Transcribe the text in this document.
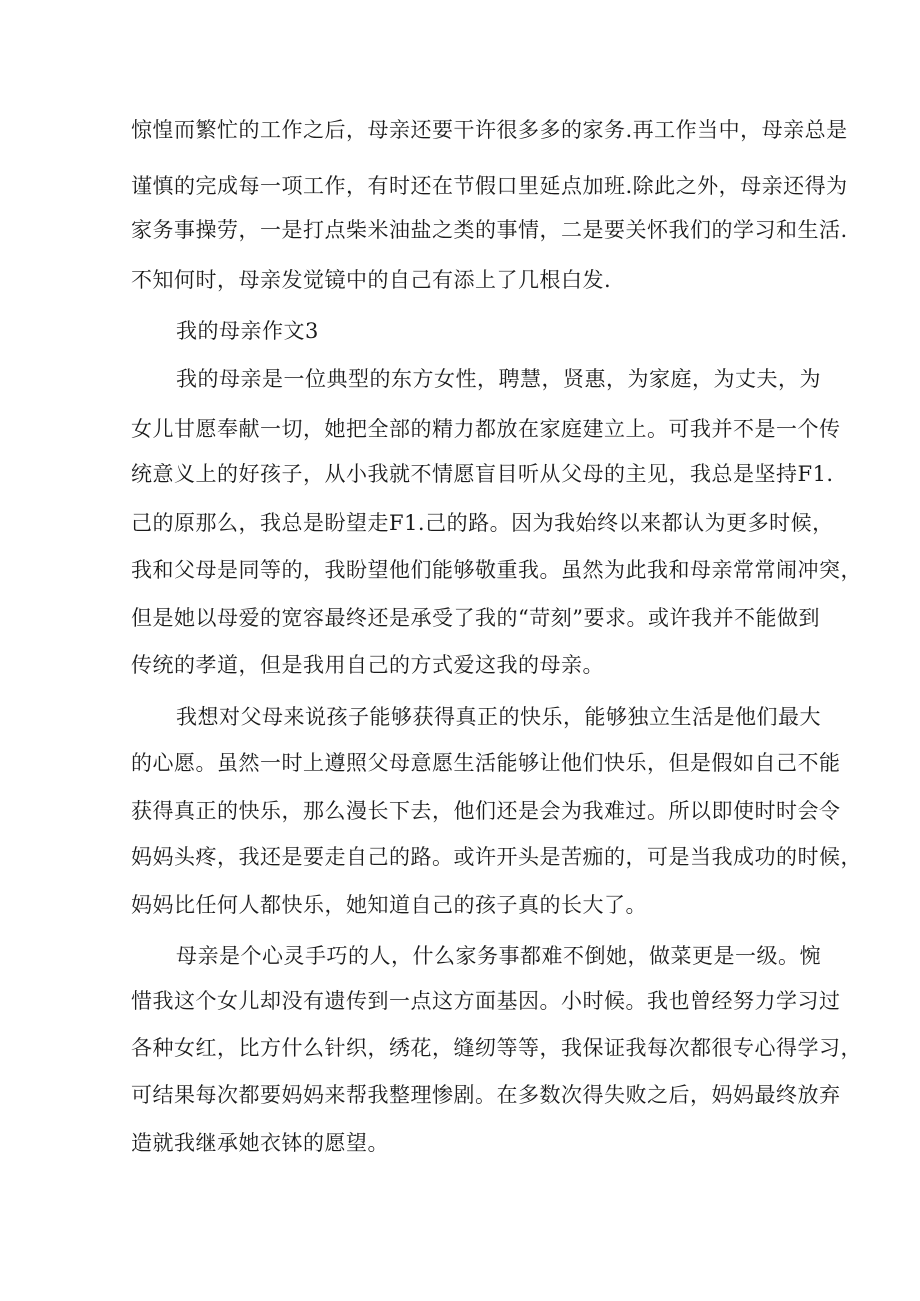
惊惶而繁忙的工作之后，母亲还要干许很多多的家务.再工作当中，母亲总是
谨慎的完成每一项工作，有时还在节假口里延点加班.除此之外，母亲还得为
家务事操劳，一是打点柴米油盐之类的事情，二是要关怀我们的学习和生活.
不知何时，母亲发觉镜中的自己有添上了几根白发.
我的母亲作文3
我的母亲是一位典型的东方女性，聘慧，贤惠，为家庭，为丈夫，为
女儿甘愿奉献一切，她把全部的精力都放在家庭建立上。可我并不是一个传
统意义上的好孩子，从小我就不情愿盲目听从父母的主见，我总是坚持F1.
己的原那么，我总是盼望走F1.己的路。因为我始终以来都认为更多时候，
我和父母是同等的，我盼望他们能够敬重我。虽然为此我和母亲常常闹冲突，
但是她以母爱的宽容最终还是承受了我的“苛刻”要求。或许我并不能做到
传统的孝道，但是我用自己的方式爱这我的母亲。
我想对父母来说孩子能够获得真正的快乐，能够独立生活是他们最大
的心愿。虽然一时上遵照父母意愿生活能够让他们快乐，但是假如自己不能
获得真正的快乐，那么漫长下去，他们还是会为我难过。所以即使时时会令
妈妈头疼，我还是要走自己的路。或许开头是苦痂的，可是当我成功的时候，
妈妈比任何人都快乐，她知道自己的孩子真的长大了。
母亲是个心灵手巧的人，什么家务事都难不倒她，做菜更是一级。惋
惜我这个女儿却没有遗传到一点这方面基因。小时候。我也曾经努力学习过
各种女红，比方什么针织，绣花，缝纫等等，我保证我每次都很专心得学习，
可结果每次都要妈妈来帮我整理惨剧。在多数次得失败之后，妈妈最终放弃
造就我继承她衣钵的愿望。
